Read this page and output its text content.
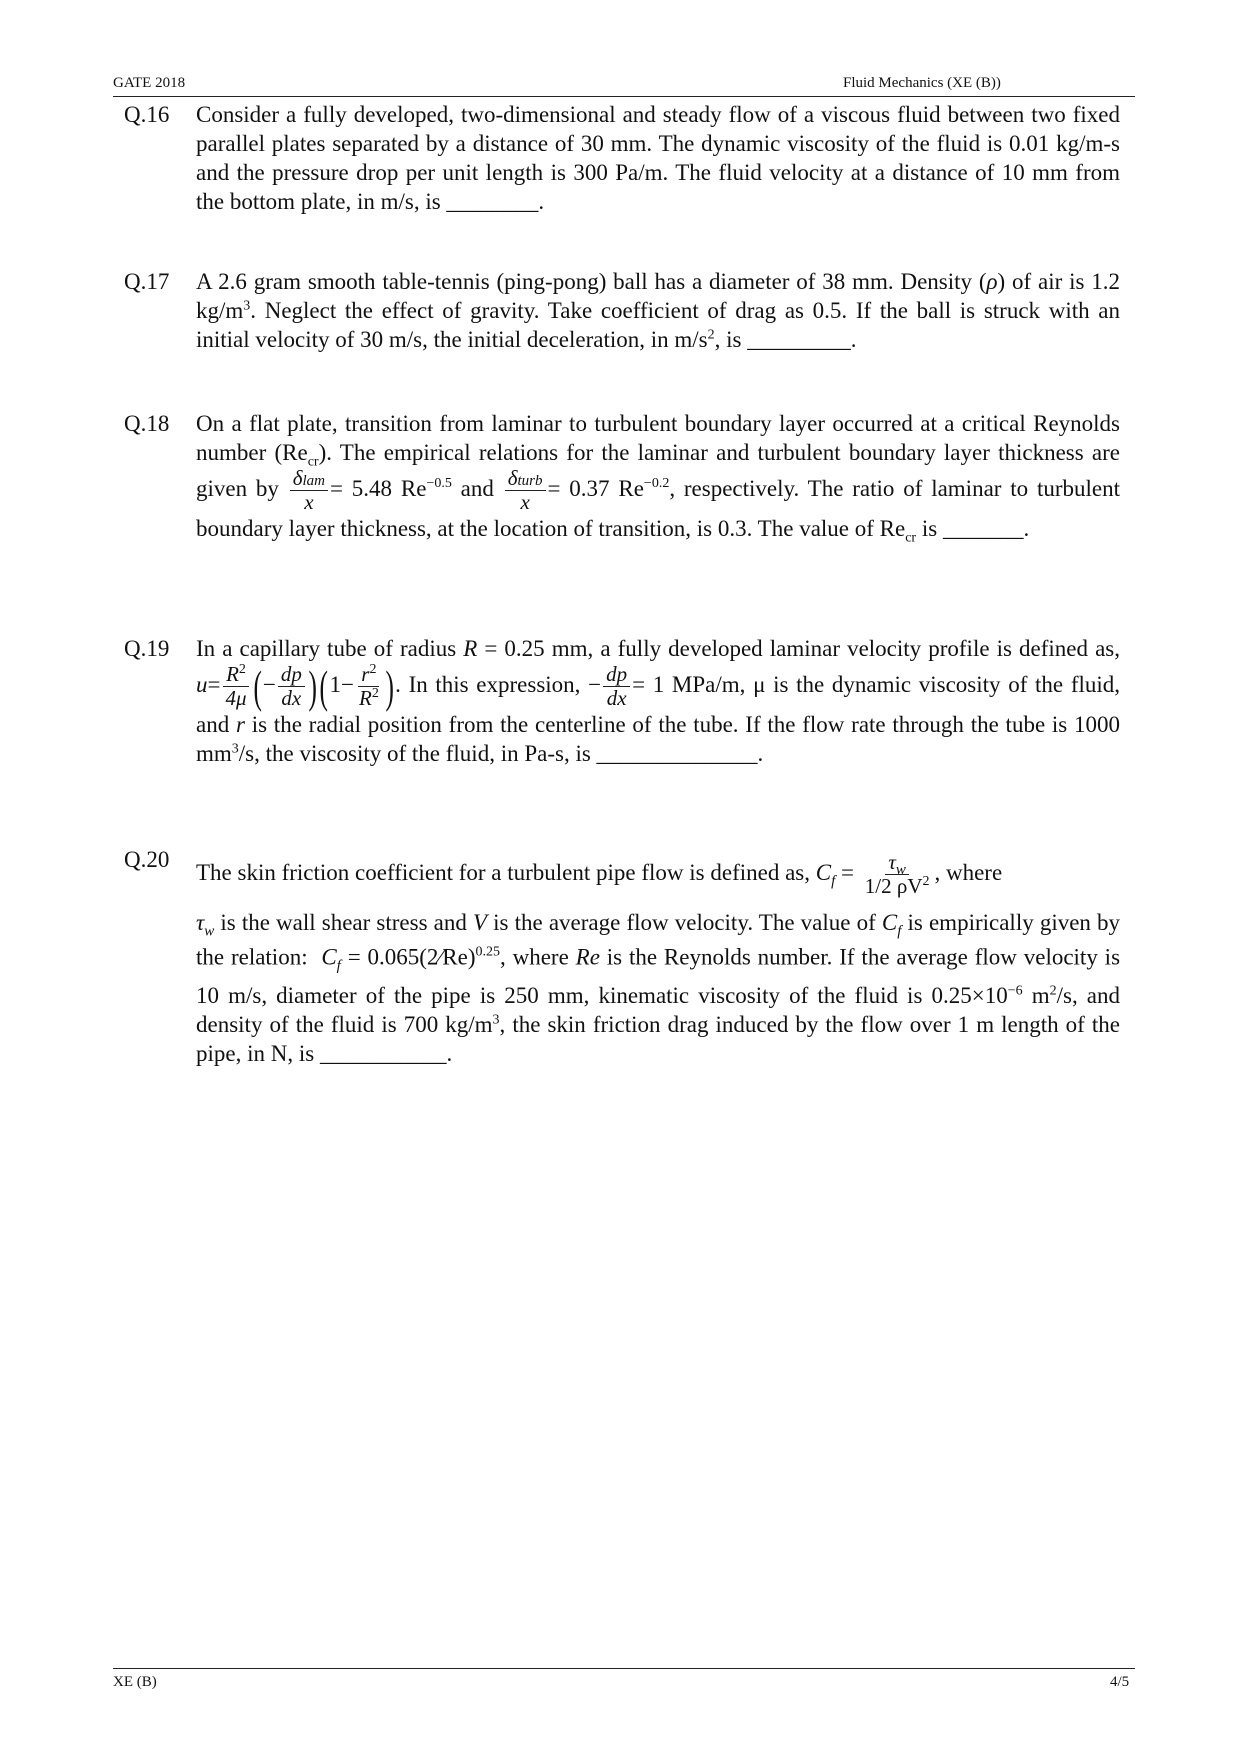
GATE 2018	Fluid Mechanics (XE (B))
Q.16 Consider a fully developed, two-dimensional and steady flow of a viscous fluid between two fixed parallel plates separated by a distance of 30 mm. The dynamic viscosity of the fluid is 0.01 kg/m-s and the pressure drop per unit length is 300 Pa/m. The fluid velocity at a distance of 10 mm from the bottom plate, in m/s, is ________.

Q.17 A 2.6 gram smooth table-tennis (ping-pong) ball has a diameter of 38 mm. Density (ρ) of air is 1.2 $kg/m^3$. Neglect the effect of gravity. Take coefficient of drag as 0.5. If the ball is struck with an initial velocity of 30 m/s, the initial deceleration, in $m/s^2$, is _________.

Q.18 On a flat plate, transition from laminar to turbulent boundary layer occurred at a critical Reynolds number $(Re_{cr})$. The empirical relations for the laminar and turbulent boundary layer thickness are given by $\frac{\text{δlam}}{x} = 5.48$ $Re^{-0.5}$ and $\frac{\text{δturb}}{x} = 0.37$ $Re^{-0.2}$, respectively. The ratio of laminar to turbulent boundary layer thickness, at the location of transition, is 0.3. The value of $Re_{cr}$ is _______.

Q.19 In a capillary tube of radius R = 0.25 mm, a fully developed laminar velocity profile is defined as, $u= \frac{R^2}{4\mu}$ (− $\frac{dp}{dx} )(1- \frac{r^2}{R^2}$ ). In this expression, − $\frac{dp}{dx} = 1$ MPa/m, μ is the dynamic viscosity of the fluid, and r is the radial position from the centerline of the tube. If the flow rate through the tube is 1000 $mm^3/s$, the viscosity of the fluid, in Pa-s, is ______________.

Q.20

The skin friction coefficient for a turbulent pipe flow is defined as, $C_f = \frac{\tau_w}{1/2 \rho V^2}$ , where
$\tau_w$ is the wall shear stress and V is the average flow velocity. The value of $C_f$ is empirically given by the relation: $C_f$ = 0.065(2⁄Re)$^{0.25}$, where Re is the Reynolds number. If the average flow velocity is 10 m/s, diameter of the pipe is 250 mm, kinematic viscosity of the fluid is $0.25\times 10^{-6}$ $m^2/s$, and density of the fluid is 700 $kg/m^3$, the skin friction drag induced by the flow over 1 m length of the pipe, in N, is ___________.

XE (B)	4/5
